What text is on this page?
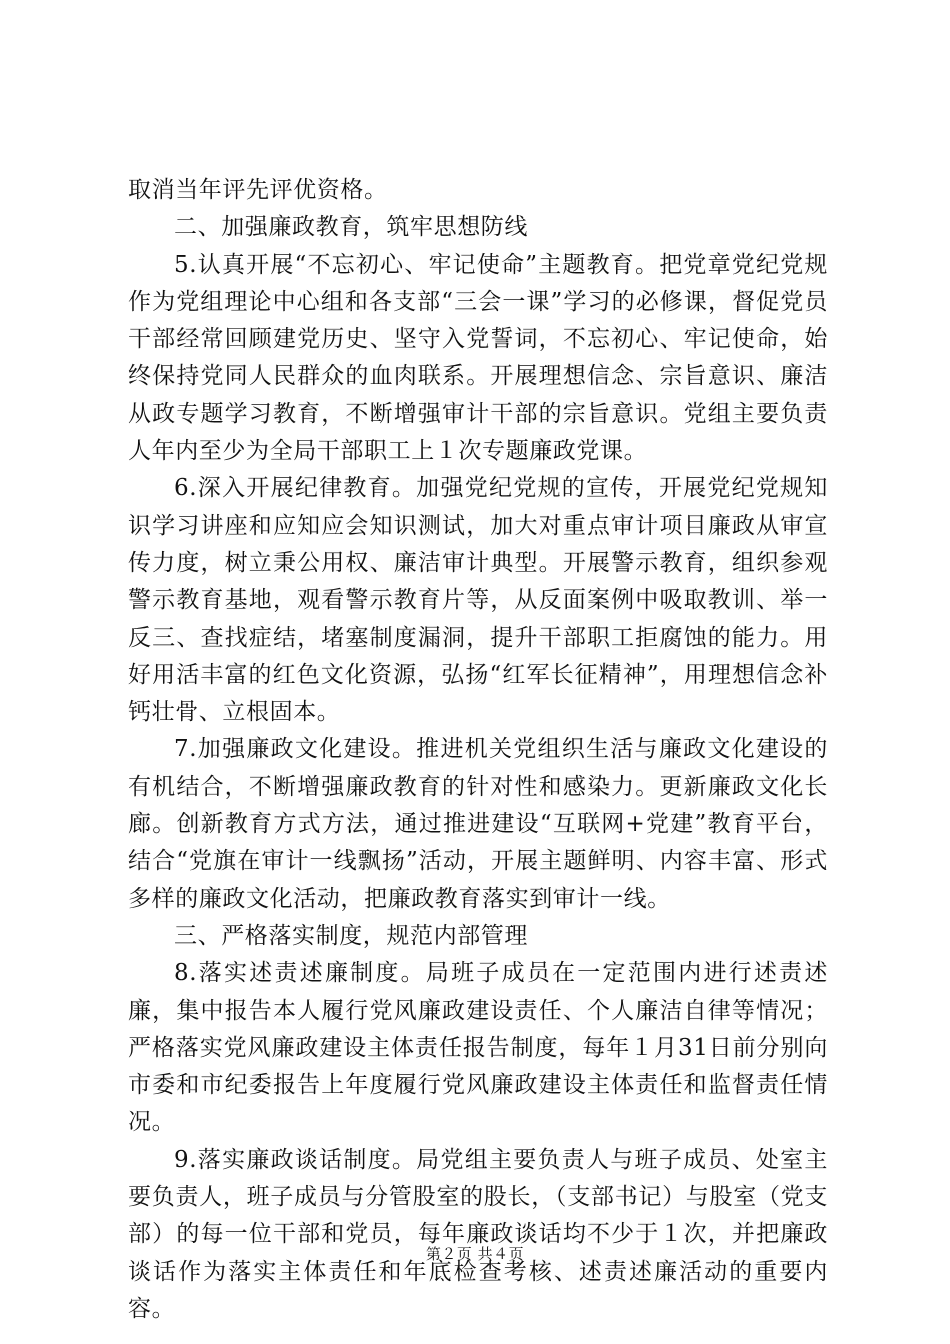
取消当年评先评优资格。

二、加强廉政教育，筑牢思想防线

5.认真开展“不忘初心、牢记使命”主题教育。把党章党纪党规作为党组理论中心组和各支部“三会一课”学习的必修课，督促党员干部经常回顾建党历史、坚守入党誓词，不忘初心、牢记使命，始终保持党同人民群众的血肉联系。开展理想信念、宗旨意识、廉洁从政专题学习教育，不断增强审计干部的宗旨意识。党组主要负责人年内至少为全局干部职工上１次专题廉政党课。

6.深入开展纪律教育。加强党纪党规的宣传，开展党纪党规知识学习讲座和应知应会知识测试，加大对重点审计项目廉政从审宣传力度，树立秉公用权、廉洁审计典型。开展警示教育，组织参观警示教育基地，观看警示教育片等，从反面案例中吸取教训、举一反三、查找症结，堵塞制度漏洞，提升干部职工拒腐蚀的能力。用好用活丰富的红色文化资源，弘扬“红军长征精神”，用理想信念补钙壮骨、立根固本。

7.加强廉政文化建设。推进机关党组织生活与廉政文化建设的有机结合，不断增强廉政教育的针对性和感染力。更新廉政文化长廊。创新教育方式方法，通过推进建设“互联网+党建”教育平台，结合“党旗在审计一线飘扬”活动，开展主题鲜明、内容丰富、形式多样的廉政文化活动，把廉政教育落实到审计一线。

三、严格落实制度，规范内部管理

8.落实述责述廉制度。局班子成员在一定范围内进行述责述廉，集中报告本人履行党风廉政建设责任、个人廉洁自律等情况；严格落实党风廉政建设主体责任报告制度，每年１月31日前分别向市委和市纪委报告上年度履行党风廉政建设主体责任和监督责任情况。

9.落实廉政谈话制度。局党组主要负责人与班子成员、处室主要负责人，班子成员与分管股室的股长，（支部书记）与股室（党支部）的每一位干部和党员，每年廉政谈话均不少于１次，并把廉政谈话作为落实主体责任和年底检查考核、述责述廉活动的重要内容。

第２页 共４页
